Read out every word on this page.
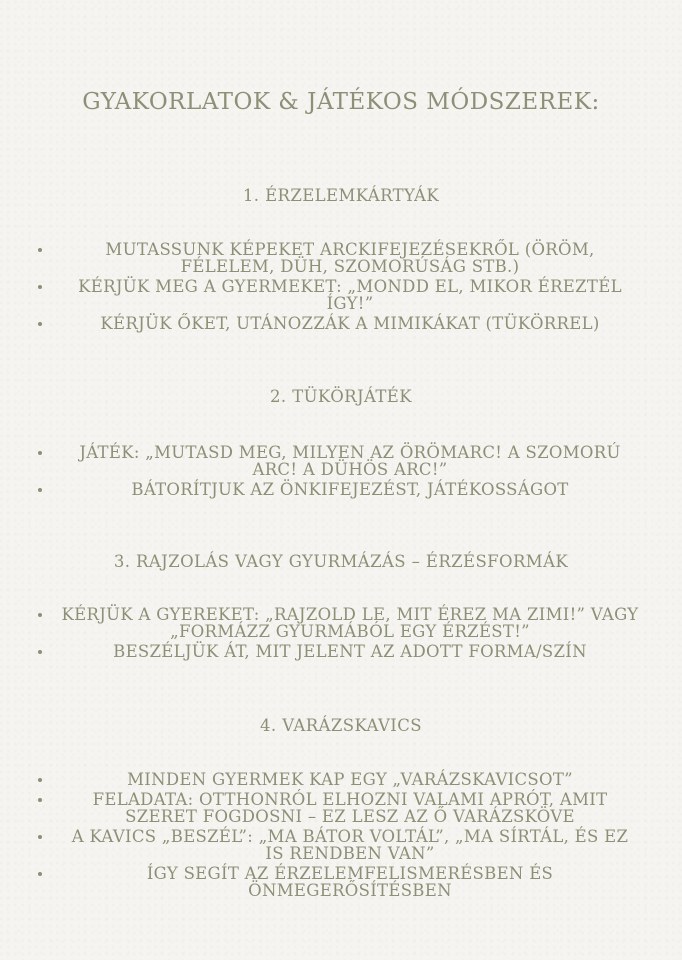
GYAKORLATOK & JÁTÉKOS MÓDSZEREK:
1. ÉRZELEMKÁRTYÁK
MUTASSUNK KÉPEKET ARCKIFEJEZÉSEKRŐL (ÖRÖM, FÉLELEM, DÜH, SZOMORÚSÁG STB.)
KÉRJÜK MEG A GYERMEKET: „MONDD EL, MIKOR ÉREZTÉL ÍGY!”
KÉRJÜK ŐKET, UTÁNOZZÁK A MIMIKÁKAT (TÜKÖRREL)
2. TÜKÖRJÁTÉK
JÁTÉK: „MUTASD MEG, MILYEN AZ ÖRÖMARC! A SZOMORÚ ARC! A DÜHÖS ARC!”
BÁTORÍTJUK AZ ÖNKIFEJEZÉST, JÁTÉKOSSÁGOT
3. RAJZOLÁS VAGY GYURMÁZÁS – ÉRZÉSFORMÁK
KÉRJÜK A GYEREKET: „RAJZOLD LE, MIT ÉREZ MA ZIMI!” VAGY „FORMÁZZ GYURMÁBÓL EGY ÉRZÉST!”
BESZÉLJÜK ÁT, MIT JELENT AZ ADOTT FORMA/SZÍN
4. VARÁZSKAVICS
MINDEN GYERMEK KAP EGY „VARÁZSKAVICSOT”
FELADATA: OTTHONRÓL ELHOZNI VALAMI APRÓT, AMIT SZERET FOGDOSNI – EZ LESZ AZ Ő VARÁZSKÖVE
A KAVICS „BESZÉL”: „MA BÁTOR VOLTÁL”, „MA SÍRTÁL, ÉS EZ IS RENDBEN VAN”
ÍGY SEGÍT AZ ÉRZELEMFELISMERÉSBEN ÉS ÖNMEGERŐSÍTÉSBEN
